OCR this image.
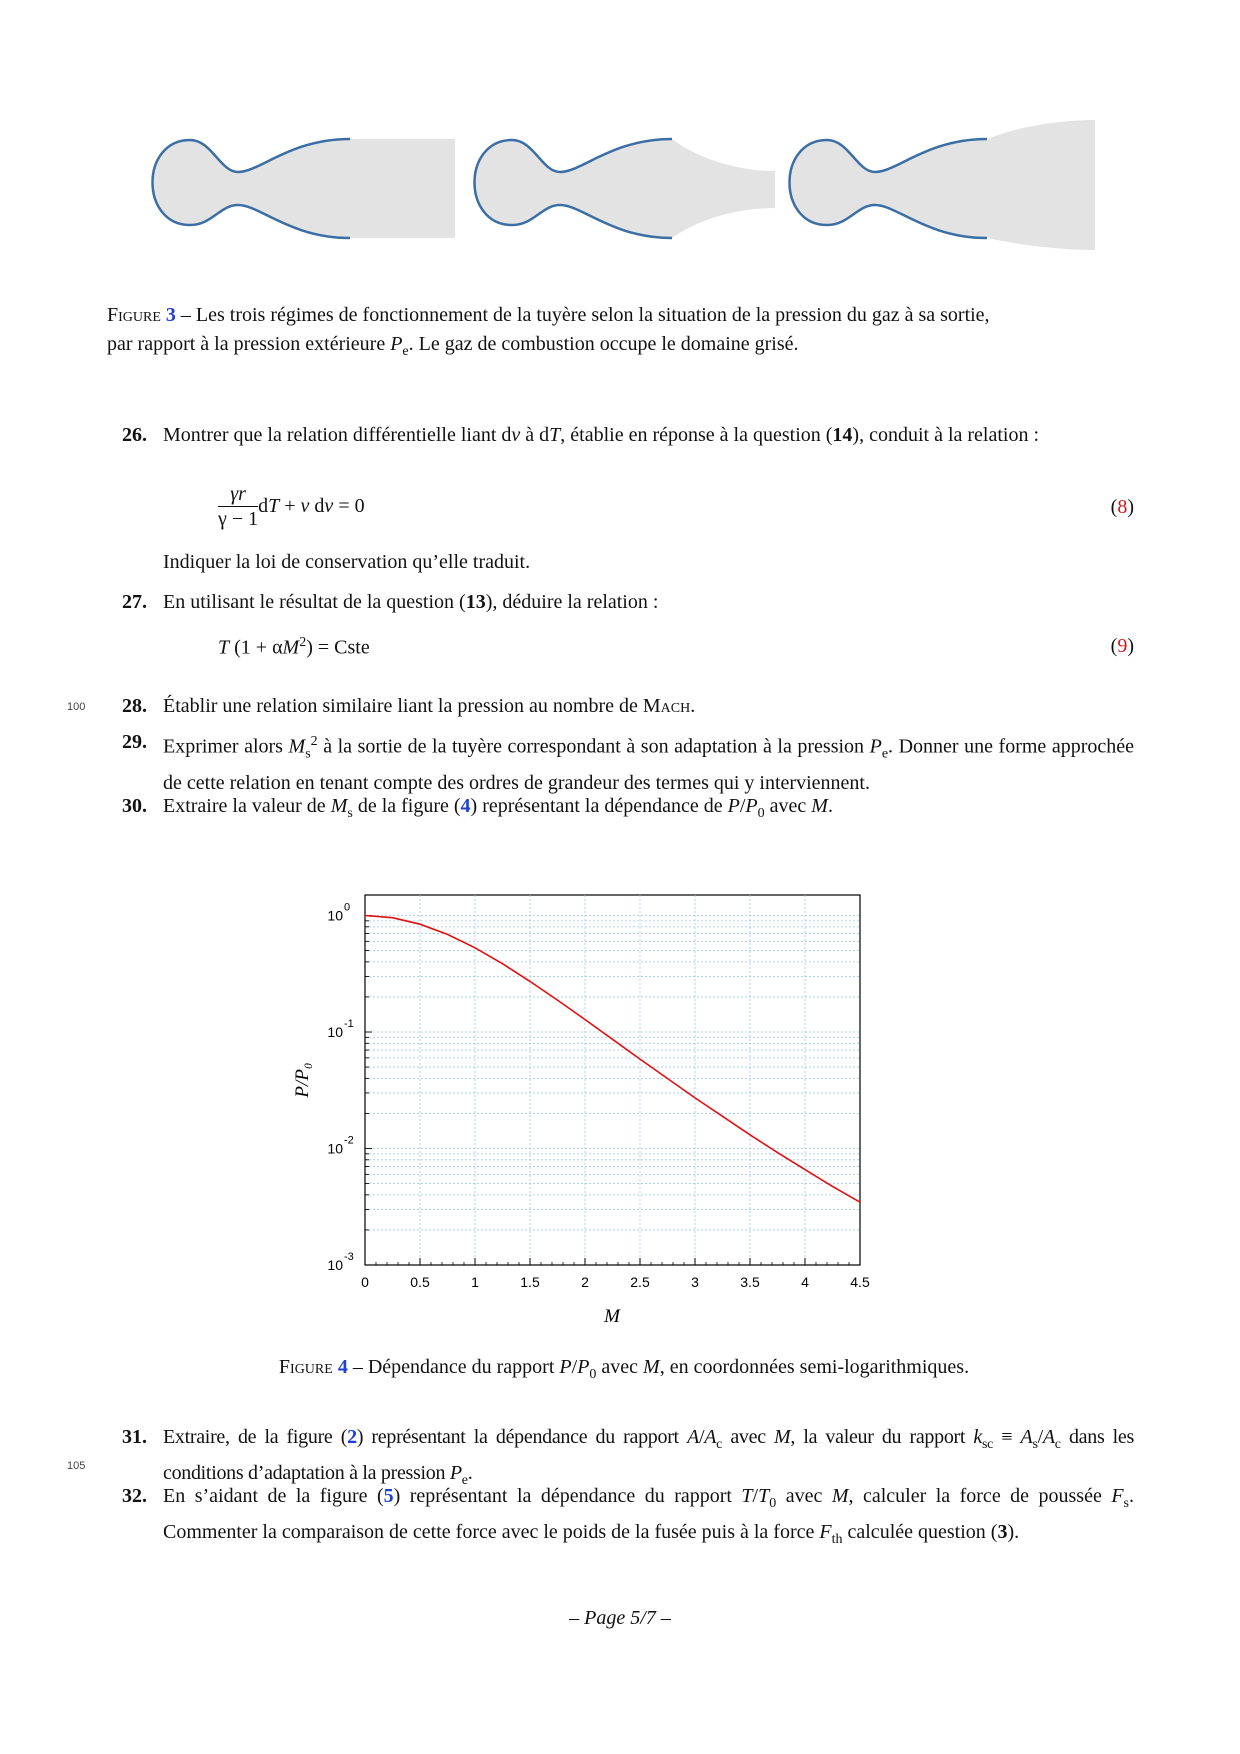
Figure 3 – Les trois régimes de fonctionnement de la tuyère selon la situation de la pression du gaz à sa sortie,
par rapport à la pression extérieure $P_e$. Le gaz de combustion occupe le domaine grisé.
26. Montrer que la relation différentielle liant dv à dT, établie en réponse à la question (14), conduit à la relation :
$\frac{\gamma r}{\gamma - 1}$ dT + v dv = 0	(8)
Indiquer la loi de conservation qu’elle traduit.
27. En utilisant le résultat de la question (13), déduire la relation :
T $(1 + \alpha M^2)$ = Cste	(9)
100 28. Établir une relation similaire liant la pression au nombre de Mach.
29. Exprimer alors $M_s^2$ à la sortie de la tuyère correspondant à son adaptation à la pression $P_e$. Donner une forme approchée de cette relation en tenant compte des ordres de grandeur des termes qui y interviennent.
30. Extraire la valeur de $M_s$ de la figure (4) représentant la dépendance de $P/P_0$ avec M.
0	0.5	1	1.5	2	2.5	3	3.5	4	4.5
10 0
10
-1
10 -2
10 -3
M
P/P₀
Figure 4 – Dépendance du rapport $P/P_0$ avec M, en coordonnées semi-logarithmiques.
105
31. Extraire, de la figure (2) représentant la dépendance du rapport $A/A_c$ avec M, la valeur du rapport $k_{sc} \equiv A_s/A_c$ dans les conditions d’adaptation à la pression $P_e$.
32. En s’aidant de la figure (5) représentant la dépendance du rapport $T/T_0$ avec M, calculer la force de poussée $F_s$. Commenter la comparaison de cette force avec le poids de la fusée puis à la force $F_{th}$ calculée question (3).
– Page 5/7 –
